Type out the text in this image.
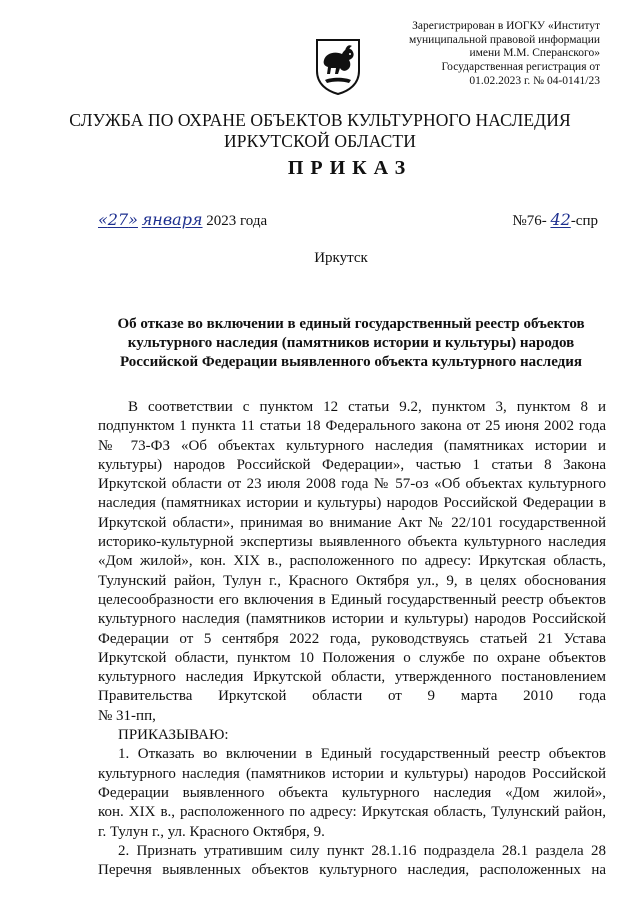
Зарегистрирован в ИОГКУ «Институт
муниципальной правовой информации
имени М.М. Сперанского»
Государственная регистрация от
01.02.2023 г. № 04-0141/23
СЛУЖБА ПО ОХРАНЕ ОБЪЕКТОВ КУЛЬТУРНОГО НАСЛЕДИЯ
ИРКУТСКОЙ ОБЛАСТИ
ПРИКАЗ
«27» января 2023 года	№76- 42-спр
Иркутск
Об отказе во включении в единый государственный реестр объектов
культурного наследия (памятников истории и культуры) народов
Российской Федерации выявленного объекта культурного наследия
В соответствии с пунктом 12 статьи 9.2, пунктом 3, пунктом 8 и
подпунктом 1 пункта 11 статьи 18 Федерального закона от 25 июня 2002 года
№ 73-ФЗ «Об объектах культурного наследия (памятниках истории и
культуры) народов Российской Федерации», частью 1 статьи 8 Закона
Иркутской области от 23 июля 2008 года № 57-оз «Об объектах культурного
наследия (памятниках истории и культуры) народов Российской Федерации в
Иркутской области», принимая во внимание Акт № 22/101 государственной
историко-культурной экспертизы выявленного объекта культурного наследия
«Дом жилой», кон. XIX в., расположенного по адресу: Иркутская область,
Тулунский район, Тулун г., Красного Октября ул., 9, в целях обоснования
целесообразности его включения в Единый государственный реестр объектов
культурного наследия (памятников истории и культуры) народов Российской
Федерации от 5 сентября 2022 года, руководствуясь статьей 21 Устава
Иркутской области, пунктом 10 Положения о службе по охране объектов
культурного наследия Иркутской области, утвержденного постановлением
Правительства Иркутской области от 9 марта 2010 года
№ 31-пп,
ПРИКАЗЫВАЮ:
1. Отказать во включении в Единый государственный реестр объектов
культурного наследия (памятников истории и культуры) народов Российской
Федерации выявленного объекта культурного наследия «Дом жилой»,
кон. XIX в., расположенного по адресу: Иркутская область, Тулунский район,
г. Тулун г., ул. Красного Октября, 9.
2. Признать утратившим силу пункт 28.1.16 подраздела 28.1 раздела 28
Перечня выявленных объектов культурного наследия, расположенных на
